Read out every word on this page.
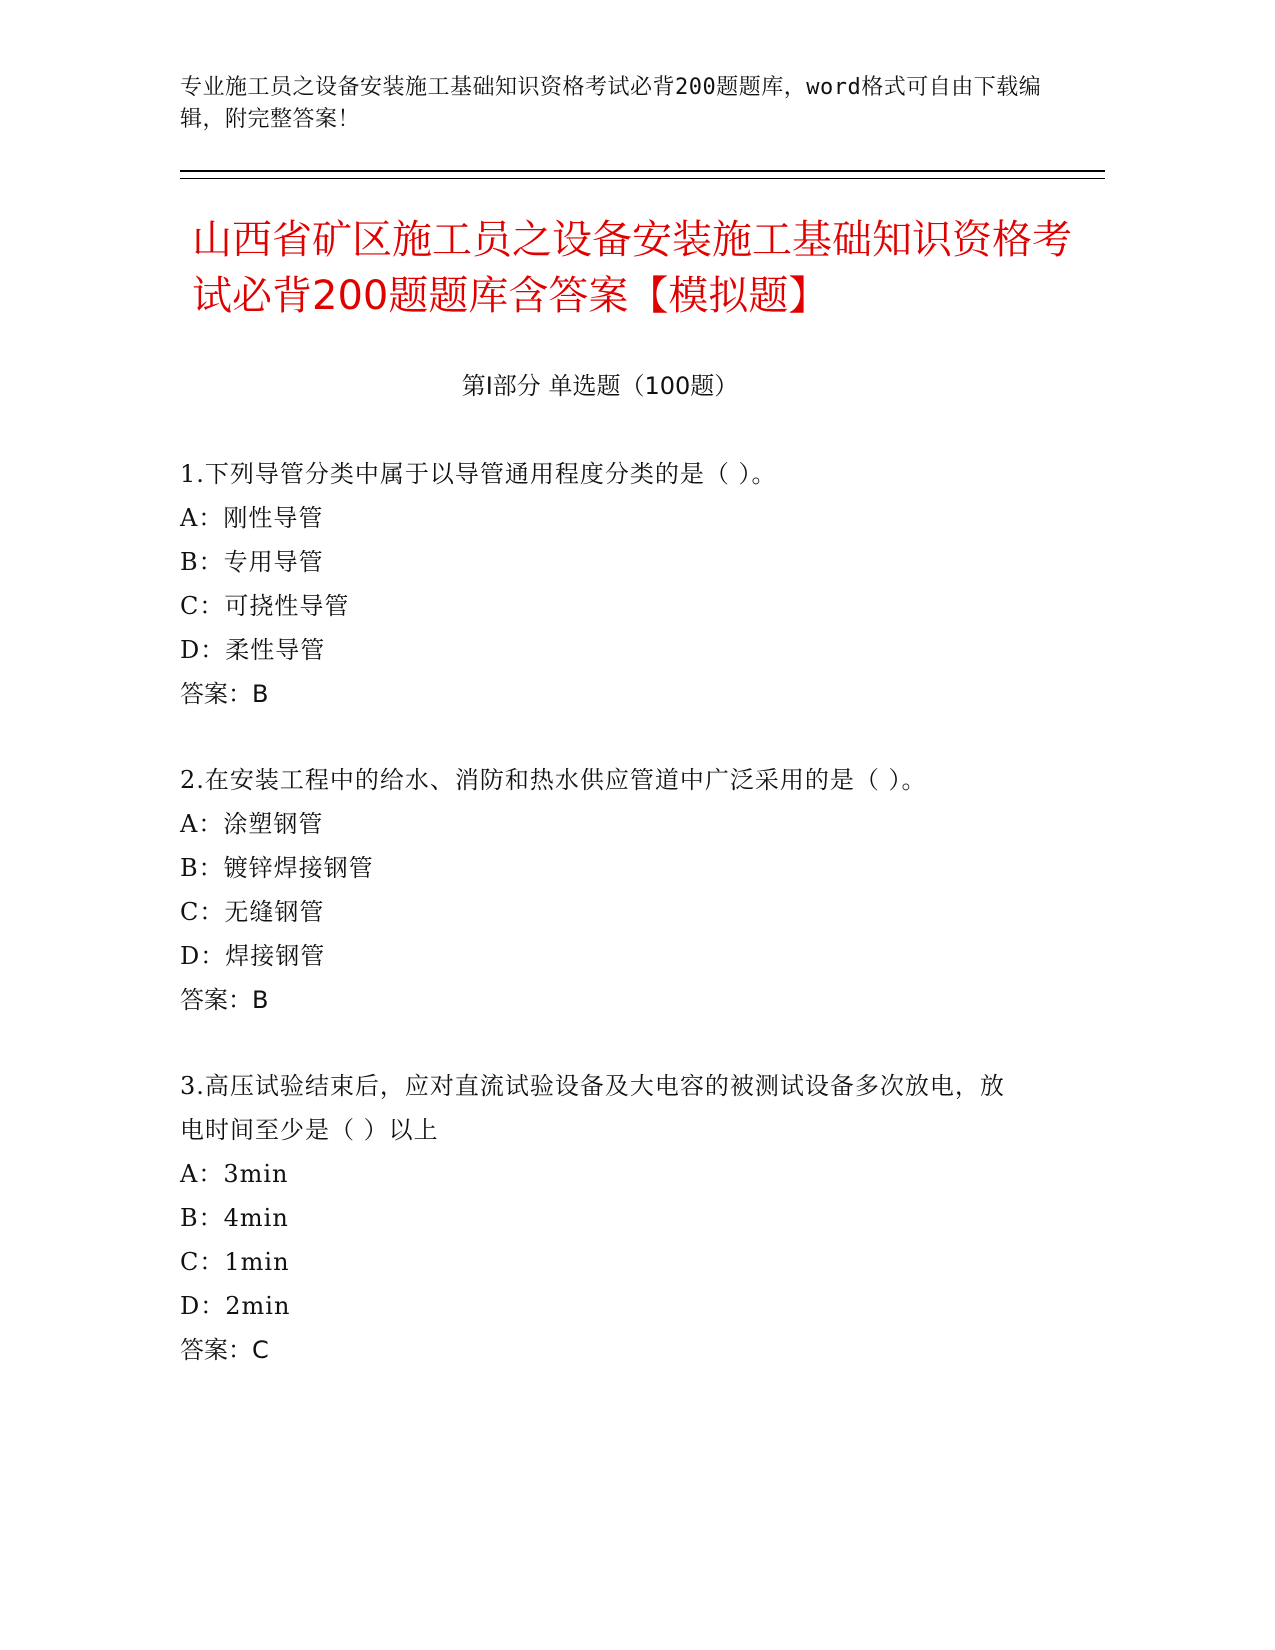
专业施工员之设备安装施工基础知识资格考试必背200题题库，word格式可自由下载编辑，附完整答案！
山西省矿区施工员之设备安装施工基础知识资格考试必背200题题库含答案【模拟题】
第Ⅰ部分 单选题（100题）
1.下列导管分类中属于以导管通用程度分类的是（ ）。
A：刚性导管
B：专用导管
C：可挠性导管
D：柔性导管
答案：B
2.在安装工程中的给水、消防和热水供应管道中广泛采用的是（ ）。
A：涂塑钢管
B：镀锌焊接钢管
C：无缝钢管
D：焊接钢管
答案：B
3.高压试验结束后，应对直流试验设备及大电容的被测试设备多次放电，放电时间至少是（ ）以上
A：3min
B：4min
C：1min
D：2min
答案：C
